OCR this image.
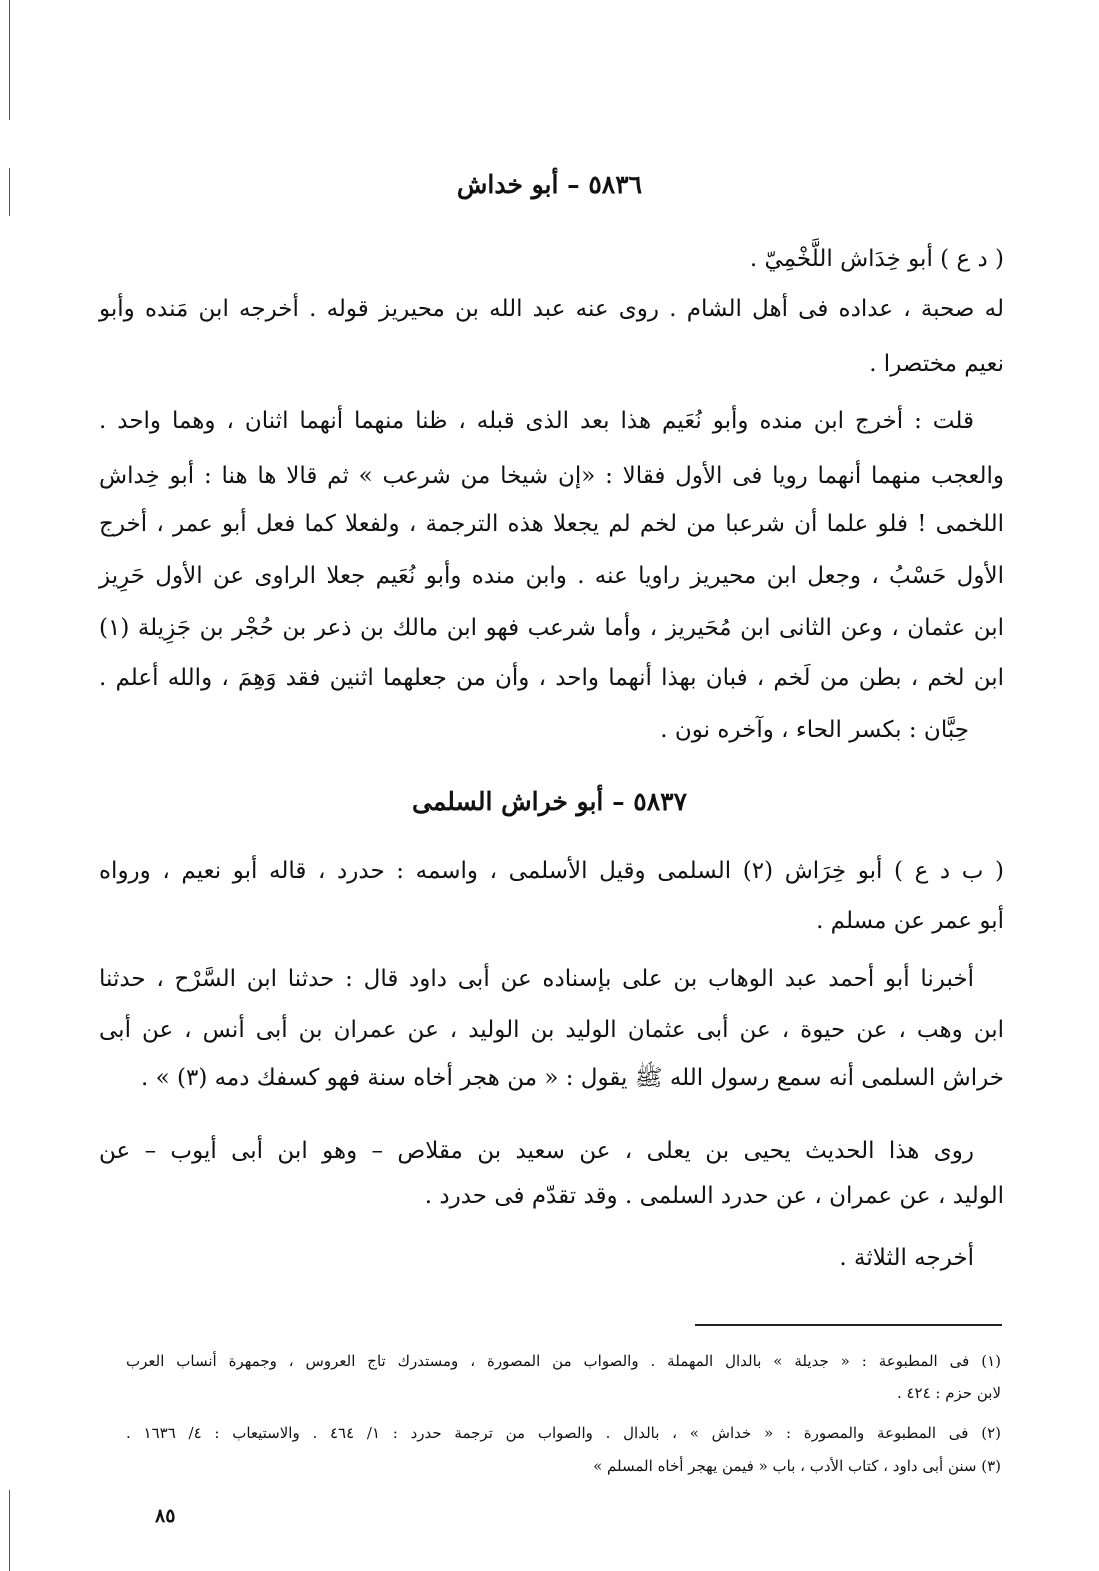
٥٨٣٦ – أبو خداش
( د ع ) أبو خِدَاش اللَّخْمِيّ .
له صحبة ، عداده فى أهل الشام . روى عنه عبد الله بن محيريز قوله . أخرجه ابن مَنده وأبو
نعيم مختصرا .
قلت : أخرج ابن منده وأبو نُعَيم هذا بعد الذى قبله ، ظنا منهما أنهما اثنان ، وهما واحد .
والعجب منهما أنهما رويا فى الأول فقالا : «إن شيخا من شرعب » ثم قالا ها هنا : أبو خِداش
اللخمى ! فلو علما أن شرعبا من لخم لم يجعلا هذه الترجمة ، ولفعلا كما فعل أبو عمر ، أخرج
الأول حَسْبُ ، وجعل ابن محيريز راويا عنه . وابن منده وأبو نُعَيم جعلا الراوى عن الأول حَرِيز
ابن عثمان ، وعن الثانى ابن مُحَيريز ، وأما شرعب فهو ابن مالك بن ذعر بن حُجْر بن جَزِيلة (١)
ابن لخم ، بطن من لَخم ، فبان بهذا أنهما واحد ، وأن من جعلهما اثنين فقد وَهِمَ ، والله أعلم .
حِبَّان : بكسر الحاء ، وآخره نون .
٥٨٣٧ – أبو خراش السلمى
( ب د ع ) أبو خِرَاش (٢) السلمى وقيل الأسلمى ، واسمه : حدرد ، قاله أبو نعيم ، ورواه
أبو عمر عن مسلم .
أخبرنا أبو أحمد عبد الوهاب بن على بإسناده عن أبى داود قال : حدثنا ابن السَّرْح ، حدثنا
ابن وهب ، عن حيوة ، عن أبى عثمان الوليد بن الوليد ، عن عمران بن أبى أنس ، عن أبى
خراش السلمى أنه سمع رسول الله ﷺ يقول : « من هجر أخاه سنة فهو كسفك دمه (٣) » .
روى هذا الحديث يحيى بن يعلى ، عن سعيد بن مقلاص – وهو ابن أبى أيوب – عن
الوليد ، عن عمران ، عن حدرد السلمى . وقد تقدّم فى حدرد .
أخرجه الثلاثة .
(١) فى المطبوعة : « جديلة » بالدال المهملة . والصواب من المصورة ، ومستدرك تاج العروس ، وجمهرة أنساب العرب
لابن حزم : ٤٢٤ .
(٢) فى المطبوعة والمصورة : « خداش » ، بالدال . والصواب من ترجمة حدرد : ١/ ٤٦٤ . والاستيعاب : ٤/ ١٦٣٦ .
(٣) سنن أبى داود ، كتاب الأدب ، باب « فيمن يهجر أخاه المسلم »
٨٥
